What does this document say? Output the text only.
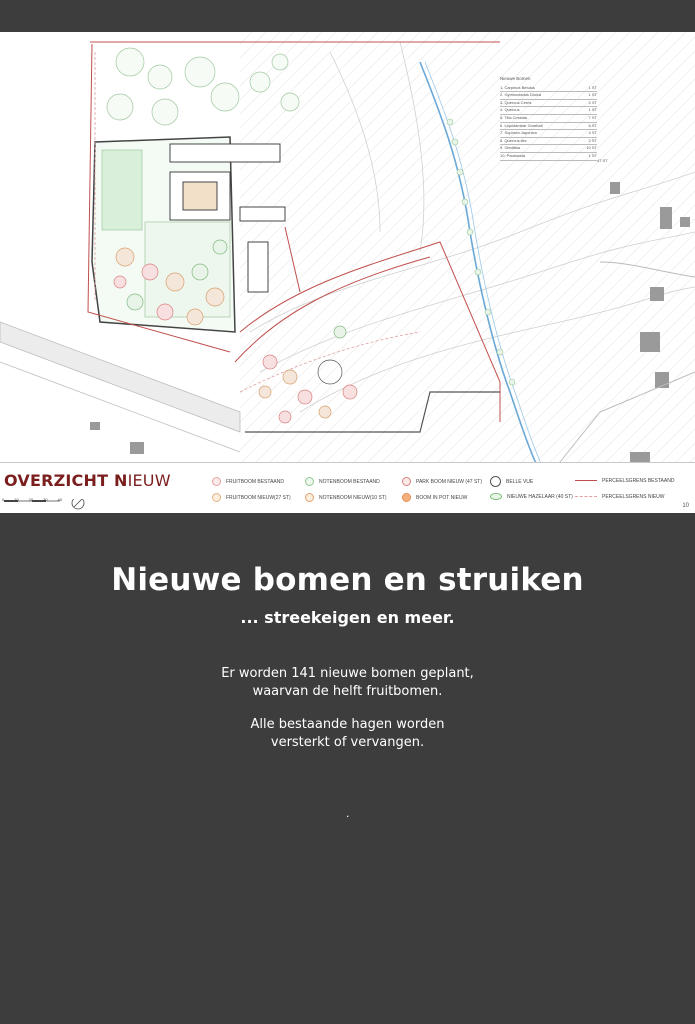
Nieuwe Bomen
1. Carpinus Betulus	1 ST
2. Gymnocladus Dioica	1 ST
3. Quercus Cerris	4 ST
4. Quercus	1 ST
5. Tilia Cordata	7 ST
6. Liquidambar Gumball	6 ST
7. Sophora Japonica	4 ST
8. Quercus ilex	2 ST
9. Gleditsia	10 ST
10. Paulownia	1 ST
47 ST
OVERZICHT NIEUW
0 10 20 30 40
FRUITBOOM BESTAAND
FRUITBOOM NIEUW(27 ST)
NOTENBOOM BESTAAND
NOTENBOOM NIEUW(10 ST)
PARK BOOM NIEUW (47 ST)
BOOM IN POT NIEUW
BELLE VUE
NIEUWE HAZELAAR (40 ST)
PERCEELSGRENS BESTAAND
PERCEELSGRENS NIEUW
10
Nieuwe bomen en struiken
... streekeigen en meer.
Er worden 141 nieuwe bomen geplant,
waarvan de helft fruitbomen.
Alle bestaande hagen worden
versterkt of vervangen.
.
